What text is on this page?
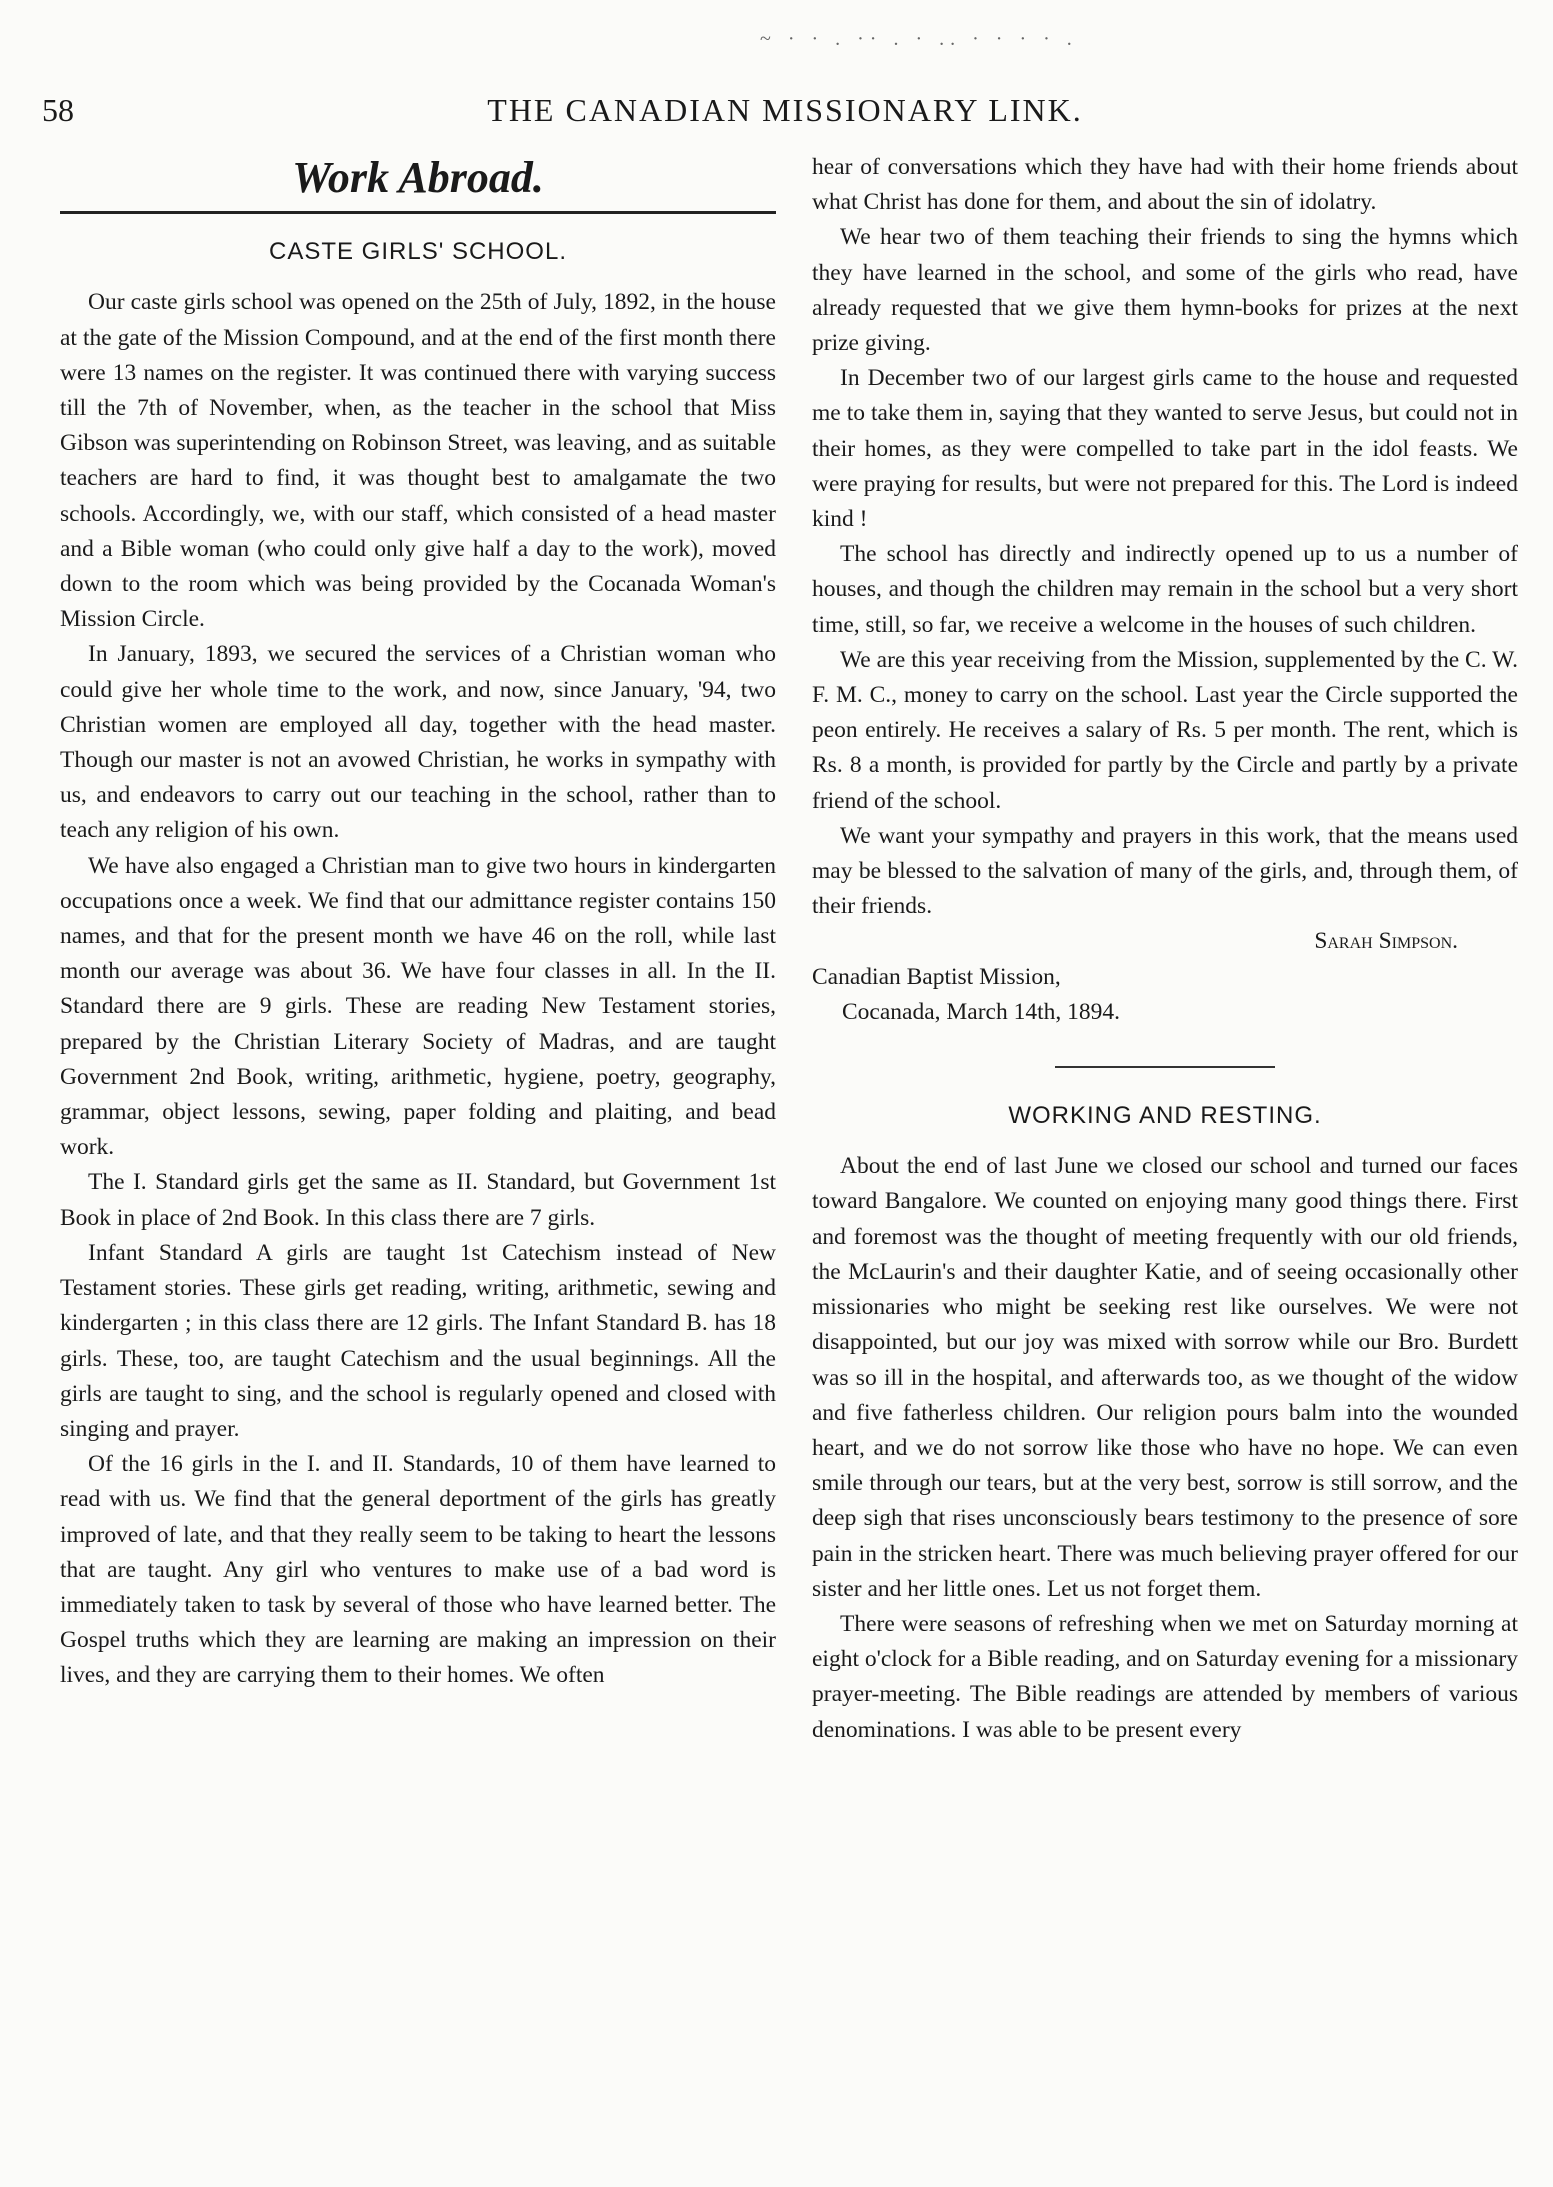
~ · · . ·· . · .. · · · · .
58	THE CANADIAN MISSIONARY LINK.
Work Abroad.
CASTE GIRLS' SCHOOL.

Our caste girls school was opened on the 25th of July, 1892, in the house at the gate of the Mission Compound, and at the end of the first month there were 13 names on the register. It was continued there with varying success till the 7th of November, when, as the teacher in the school that Miss Gibson was superintending on Robinson Street, was leaving, and as suitable teachers are hard to find, it was thought best to amalgamate the two schools. Accordingly, we, with our staff, which consisted of a head master and a Bible woman (who could only give half a day to the work), moved down to the room which was being provided by the Cocanada Woman's Mission Circle.

In January, 1893, we secured the services of a Christian woman who could give her whole time to the work, and now, since January, '94, two Christian women are employed all day, together with the head master. Though our master is not an avowed Christian, he works in sympathy with us, and endeavors to carry out our teaching in the school, rather than to teach any religion of his own.

We have also engaged a Christian man to give two hours in kindergarten occupations once a week. We find that our admittance register contains 150 names, and that for the present month we have 46 on the roll, while last month our average was about 36. We have four classes in all. In the II. Standard there are 9 girls. These are reading New Testament stories, prepared by the Christian Literary Society of Madras, and are taught Government 2nd Book, writing, arithmetic, hygiene, poetry, geography, grammar, object lessons, sewing, paper folding and plaiting, and bead work.

The I. Standard girls get the same as II. Standard, but Government 1st Book in place of 2nd Book. In this class there are 7 girls.

Infant Standard A girls are taught 1st Catechism instead of New Testament stories. These girls get reading, writing, arithmetic, sewing and kindergarten ; in this class there are 12 girls. The Infant Standard B. has 18 girls. These, too, are taught Catechism and the usual beginnings. All the girls are taught to sing, and the school is regularly opened and closed with singing and prayer.

Of the 16 girls in the I. and II. Standards, 10 of them have learned to read with us. We find that the general deportment of the girls has greatly improved of late, and that they really seem to be taking to heart the lessons that are taught. Any girl who ventures to make use of a bad word is immediately taken to task by several of those who have learned better. The Gospel truths which they are learning are making an impression on their lives, and they are carrying them to their homes. We often

hear of conversations which they have had with their home friends about what Christ has done for them, and about the sin of idolatry.

We hear two of them teaching their friends to sing the hymns which they have learned in the school, and some of the girls who read, have already requested that we give them hymn-books for prizes at the next prize giving.

In December two of our largest girls came to the house and requested me to take them in, saying that they wanted to serve Jesus, but could not in their homes, as they were compelled to take part in the idol feasts. We were praying for results, but were not prepared for this. The Lord is indeed kind !

The school has directly and indirectly opened up to us a number of houses, and though the children may remain in the school but a very short time, still, so far, we receive a welcome in the houses of such children.

We are this year receiving from the Mission, supplemented by the C. W. F. M. C., money to carry on the school. Last year the Circle supported the peon entirely. He receives a salary of Rs. 5 per month. The rent, which is Rs. 8 a month, is provided for partly by the Circle and partly by a private friend of the school.

We want your sympathy and prayers in this work, that the means used may be blessed to the salvation of many of the girls, and, through them, of their friends.

Sarah Simpson.

Canadian Baptist Mission,

Cocanada, March 14th, 1894.

WORKING AND RESTING.

About the end of last June we closed our school and turned our faces toward Bangalore. We counted on enjoying many good things there. First and foremost was the thought of meeting frequently with our old friends, the McLaurin's and their daughter Katie, and of seeing occasionally other missionaries who might be seeking rest like ourselves. We were not disappointed, but our joy was mixed with sorrow while our Bro. Burdett was so ill in the hospital, and afterwards too, as we thought of the widow and five fatherless children. Our religion pours balm into the wounded heart, and we do not sorrow like those who have no hope. We can even smile through our tears, but at the very best, sorrow is still sorrow, and the deep sigh that rises unconsciously bears testimony to the presence of sore pain in the stricken heart. There was much believing prayer offered for our sister and her little ones. Let us not forget them.

There were seasons of refreshing when we met on Saturday morning at eight o'clock for a Bible reading, and on Saturday evening for a missionary prayer-meeting. The Bible readings are attended by members of various denominations. I was able to be present every
